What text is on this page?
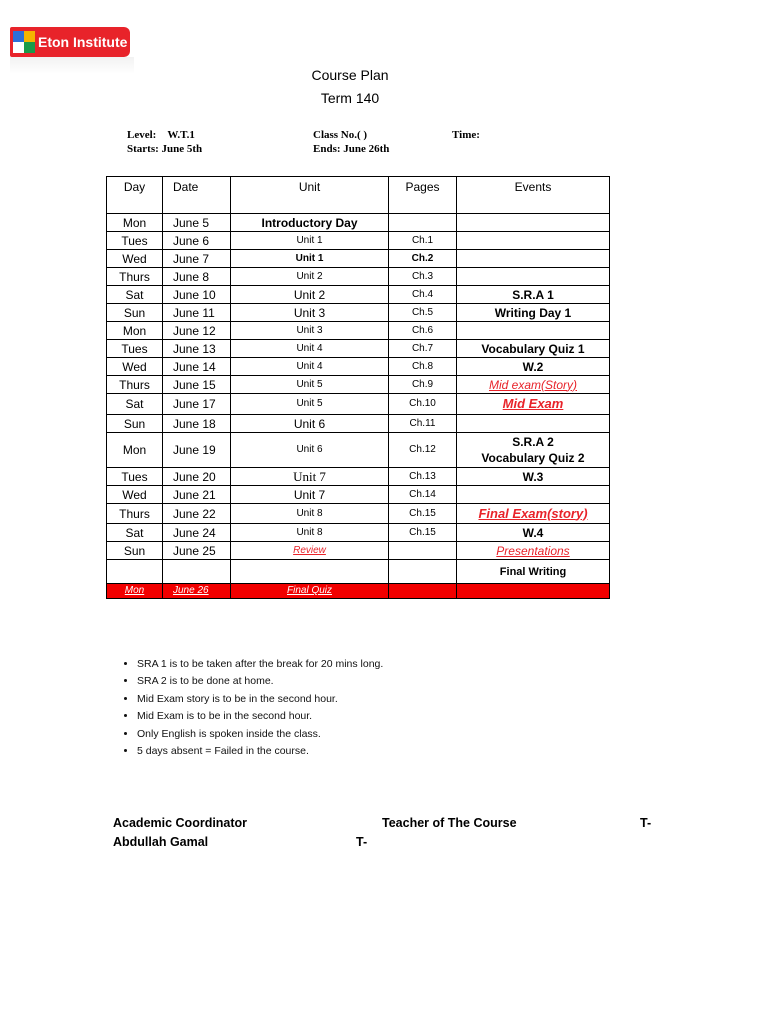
Eton Institute
Course Plan
Term 140
Level: W.T.1
Starts: June 5th
Class No.( )
Ends: June 26th
Time:
Day	Date	Unit	Pages	Events
Mon	June 5	Introductory Day		
Tues	June 6	Unit 1	Ch.1	
Wed	June 7	Unit 1	Ch.2	
Thurs	June 8	Unit 2	Ch.3	
Sat	June 10	Unit 2	Ch.4	S.R.A 1
Sun	June 11	Unit 3	Ch.5	Writing Day 1
Mon	June 12	Unit 3	Ch.6	
Tues	June 13	Unit 4	Ch.7	Vocabulary Quiz 1
Wed	June 14	Unit 4	Ch.8	W.2
Thurs	June 15	Unit 5	Ch.9	Mid exam(Story)
Sat	June 17	Unit 5	Ch.10	Mid Exam
Sun	June 18	Unit 6	Ch.11	
Mon	June 19	Unit 6	Ch.12	S.R.A 2
Vocabulary Quiz 2

Tues	June 20	Unit 7	Ch.13	W.3
Wed	June 21	Unit 7	Ch.14	
Thurs	June 22	Unit 8	Ch.15	Final Exam(story)
Sat	June 24	Unit 8	Ch.15	W.4
Sun	June 25	Review		Presentations
				Final Writing
Mon	June 26	Final Quiz		
• SRA 1 is to be taken after the break for 20 mins long.
• SRA 2 is to be done at home.
• Mid Exam story is to be in the second hour.
• Mid Exam is to be in the second hour.
• Only English is spoken inside the class.
• 5 days absent = Failed in the course.
Academic Coordinator	Teacher of The Course	T-
Abdullah Gamal	T-
